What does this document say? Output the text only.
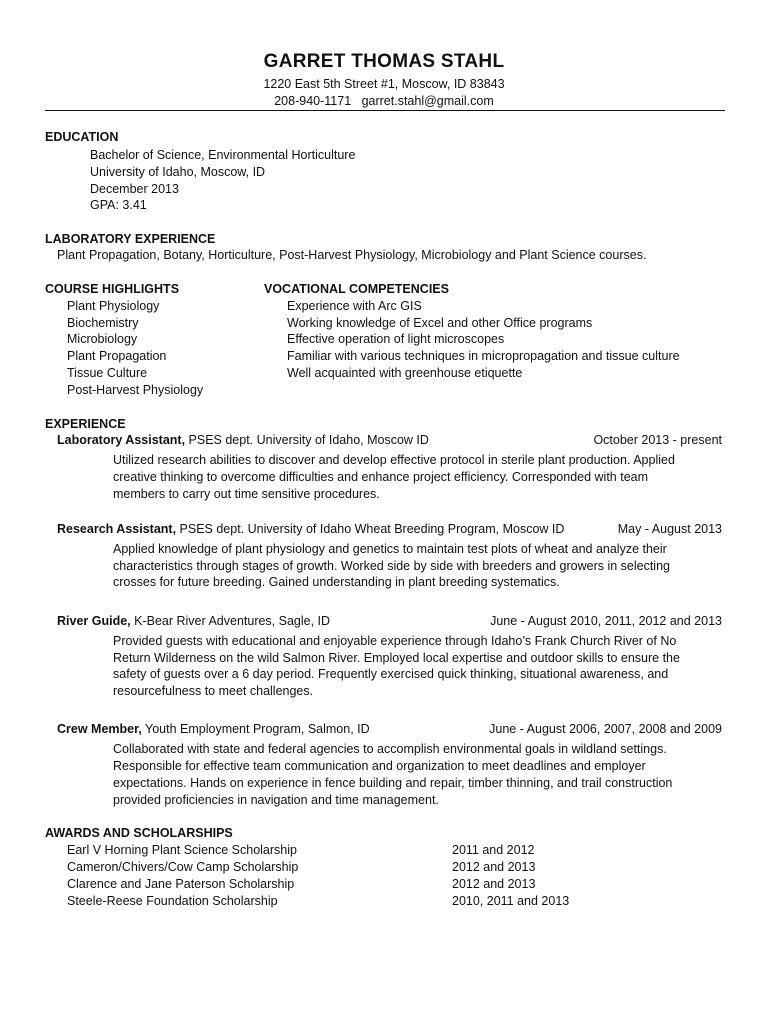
GARRET THOMAS STAHL
1220 East 5th Street #1, Moscow, ID 83843
208-940-1171 garret.stahl@gmail.com
EDUCATION
Bachelor of Science, Environmental Horticulture
University of Idaho, Moscow, ID
December 2013
GPA: 3.41
LABORATORY EXPERIENCE
Plant Propagation, Botany, Horticulture, Post-Harvest Physiology, Microbiology and Plant Science courses.
COURSE HIGHLIGHTS
Plant Physiology
Biochemistry
Microbiology
Plant Propagation
Tissue Culture
Post-Harvest Physiology
VOCATIONAL COMPETENCIES
Experience with Arc GIS
Working knowledge of Excel and other Office programs
Effective operation of light microscopes
Familiar with various techniques in micropropagation and tissue culture
Well acquainted with greenhouse etiquette
EXPERIENCE
Laboratory Assistant, PSES dept. University of Idaho, Moscow ID	October 2013 - present
Utilized research abilities to discover and develop effective protocol in sterile plant production. Applied
creative thinking to overcome difficulties and enhance project efficiency. Corresponded with team
members to carry out time sensitive procedures.
Research Assistant, PSES dept. University of Idaho Wheat Breeding Program, Moscow ID	May - August 2013
Applied knowledge of plant physiology and genetics to maintain test plots of wheat and analyze their
characteristics through stages of growth. Worked side by side with breeders and growers in selecting
crosses for future breeding. Gained understanding in plant breeding systematics.
River Guide, K-Bear River Adventures, Sagle, ID	June - August 2010, 2011, 2012 and 2013
Provided guests with educational and enjoyable experience through Idaho’s Frank Church River of No
Return Wilderness on the wild Salmon River. Employed local expertise and outdoor skills to ensure the
safety of guests over a 6 day period. Frequently exercised quick thinking, situational awareness, and
resourcefulness to meet challenges.
Crew Member, Youth Employment Program, Salmon, ID	June - August 2006, 2007, 2008 and 2009
Collaborated with state and federal agencies to accomplish environmental goals in wildland settings.
Responsible for effective team communication and organization to meet deadlines and employer
expectations. Hands on experience in fence building and repair, timber thinning, and trail construction
provided proficiencies in navigation and time management.
AWARDS AND SCHOLARSHIPS
Earl V Horning Plant Science Scholarship	2011 and 2012
Cameron/Chivers/Cow Camp Scholarship	2012 and 2013
Clarence and Jane Paterson Scholarship	2012 and 2013
Steele-Reese Foundation Scholarship	2010, 2011 and 2013
